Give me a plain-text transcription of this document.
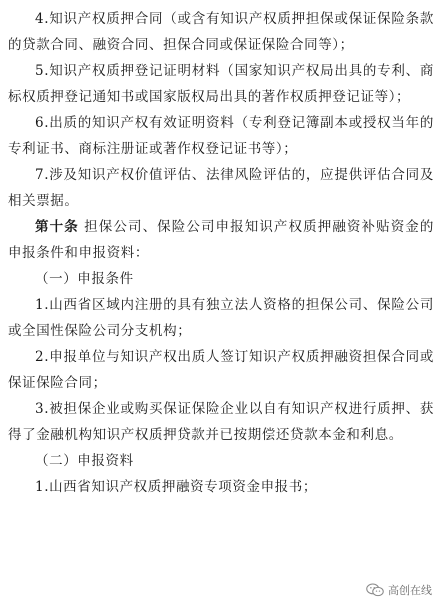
4.知识产权质押合同（或含有知识产权质押担保或保证保险条款的贷款合同、融资合同、担保合同或保证保险合同等）；

5.知识产权质押登记证明材料（国家知识产权局出具的专利、商标权质押登记通知书或国家版权局出具的著作权质押登记证等）；

6.出质的知识产权有效证明资料（专利登记簿副本或授权当年的专利证书、商标注册证或著作权登记证书等）；

7.涉及知识产权价值评估、法律风险评估的，应提供评估合同及相关票据。

第十条 担保公司、保险公司申报知识产权质押融资补贴资金的申报条件和申报资料：

（一）申报条件

1.山西省区域内注册的具有独立法人资格的担保公司、保险公司或全国性保险公司分支机构；

2.申报单位与知识产权出质人签订知识产权质押融资担保合同或保证保险合同；

3.被担保企业或购买保证保险企业以自有知识产权进行质押、获得了金融机构知识产权质押贷款并已按期偿还贷款本金和利息。

（二）申报资料

1.山西省知识产权质押融资专项资金申报书；

高创在线
